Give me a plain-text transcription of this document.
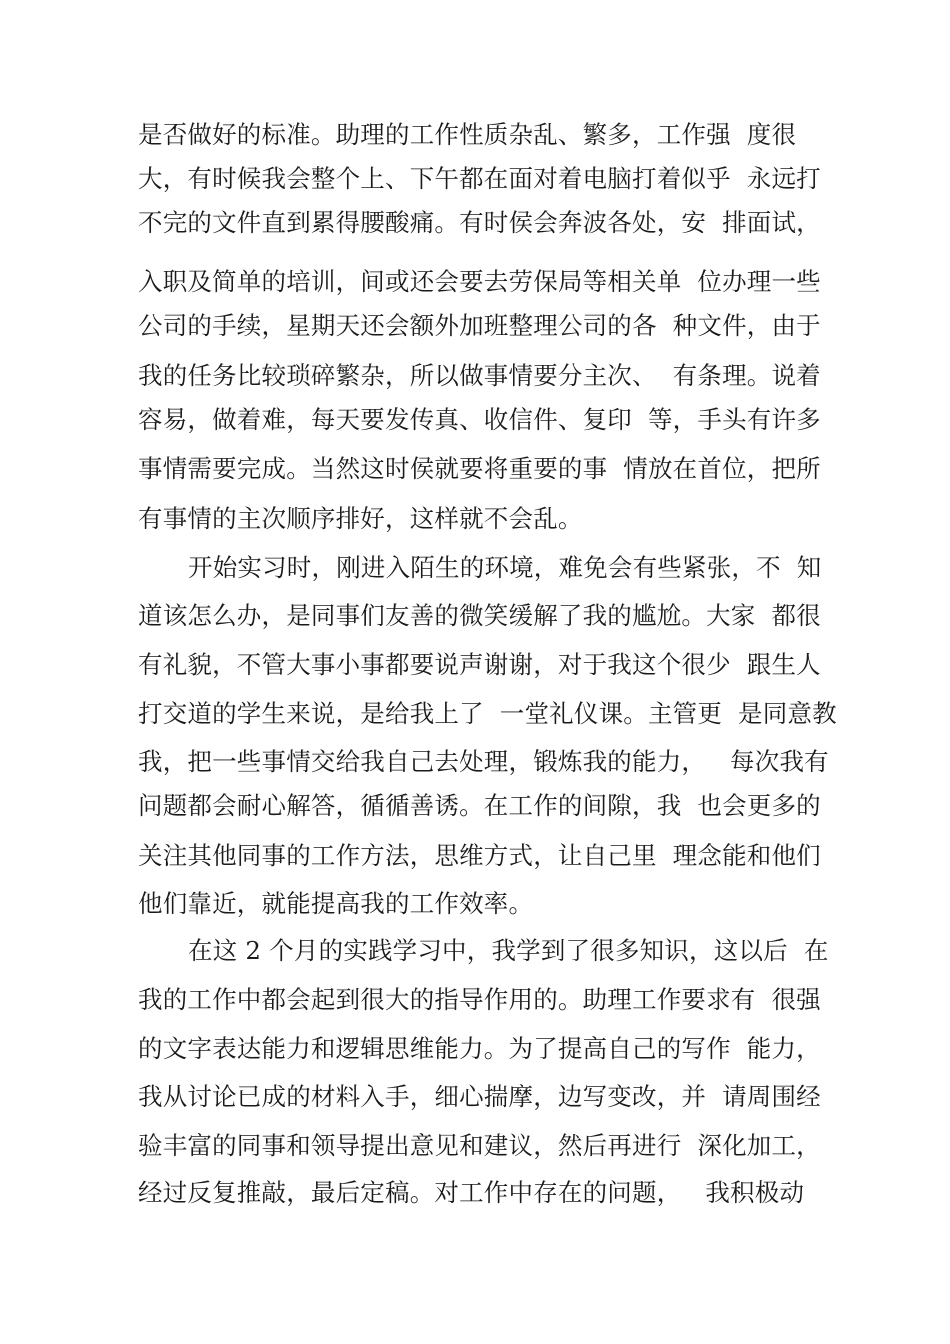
是否做好的标准。助理的工作性质杂乱、繁多，工作强  度很
大，有时候我会整个上、下午都在面对着电脑打着似乎  永远打
不完的文件直到累得腰酸痛。有时侯会奔波各处，安  排面试，
入职及简单的培训，间或还会要去劳保局等相关单  位办理一些
公司的手续，星期天还会额外加班整理公司的各  种文件，由于
我的任务比较琐碎繁杂，所以做事情要分主次、  有条理。说着
容易，做着难，每天要发传真、收信件、复印  等，手头有许多
事情需要完成。当然这时侯就要将重要的事  情放在首位，把所
有事情的主次顺序排好，这样就不会乱。
开始实习时，刚进入陌生的环境，难免会有些紧张，不  知
道该怎么办，是同事们友善的微笑缓解了我的尴尬。大家  都很
有礼貌，不管大事小事都要说声谢谢，对于我这个很少  跟生人
打交道的学生来说，是给我上了  一堂礼仪课。主管更  是同意教
我，把一些事情交给我自己去处理，锻炼我的能力，   每次我有
问题都会耐心解答，循循善诱。在工作的间隙，我  也会更多的
关注其他同事的工作方法，思维方式，让自己里  理念能和他们
他们靠近，就能提高我的工作效率。
在这 2 个月的实践学习中，我学到了很多知识，这以后  在
我的工作中都会起到很大的指导作用的。助理工作要求有  很强
的文字表达能力和逻辑思维能力。为了提高自己的写作  能力，
我从讨论已成的材料入手，细心揣摩，边写变改，并  请周围经
验丰富的同事和领导提出意见和建议，然后再进行  深化加工，
经过反复推敲，最后定稿。对工作中存在的问题，   我积极动
